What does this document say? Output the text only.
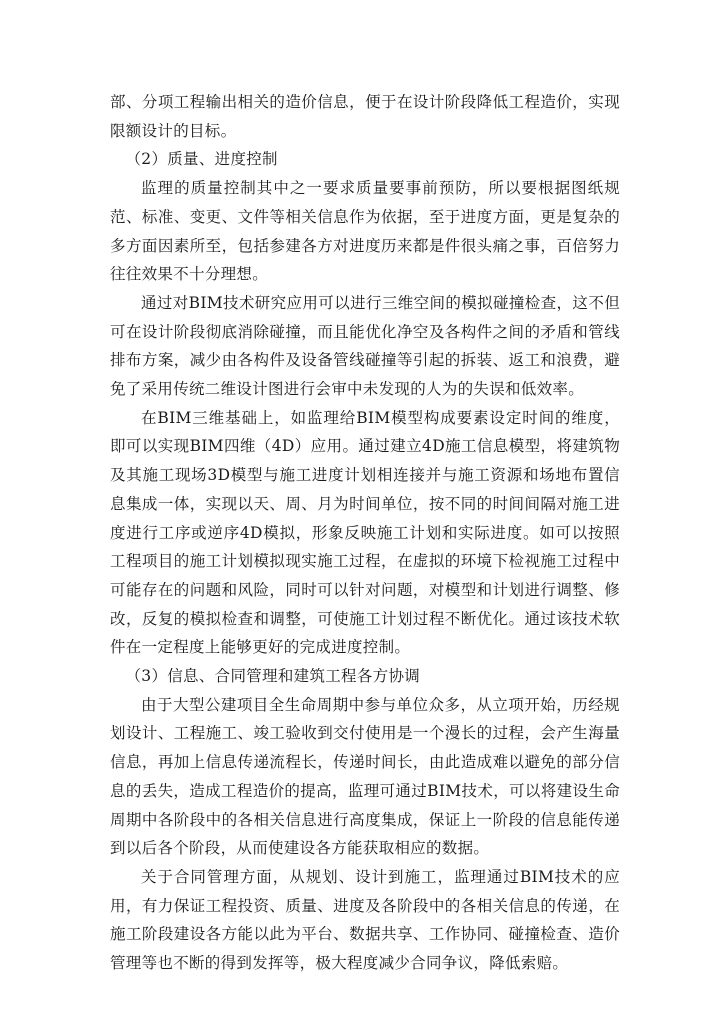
部、分项工程输出相关的造价信息，便于在设计阶段降低工程造价，实现限额设计的目标。

（2）质量、进度控制

监理的质量控制其中之一要求质量要事前预防，所以要根据图纸规范、标准、变更、文件等相关信息作为依据，至于进度方面，更是复杂的多方面因素所至，包括参建各方对进度历来都是件很头痛之事，百倍努力往往效果不十分理想。

通过对BIM技术研究应用可以进行三维空间的模拟碰撞检查，这不但可在设计阶段彻底消除碰撞，而且能优化净空及各构件之间的矛盾和管线排布方案，减少由各构件及设备管线碰撞等引起的拆装、返工和浪费，避免了采用传统二维设计图进行会审中未发现的人为的失误和低效率。

在BIM三维基础上，如监理给BIM模型构成要素设定时间的维度，即可以实现BIM四维（4D）应用。通过建立4D施工信息模型，将建筑物及其施工现场3D模型与施工进度计划相连接并与施工资源和场地布置信息集成一体，实现以天、周、月为时间单位，按不同的时间间隔对施工进度进行工序或逆序4D模拟，形象反映施工计划和实际进度。如可以按照工程项目的施工计划模拟现实施工过程，在虚拟的环境下检视施工过程中可能存在的问题和风险，同时可以针对问题，对模型和计划进行调整、修改，反复的模拟检查和调整，可使施工计划过程不断优化。通过该技术软件在一定程度上能够更好的完成进度控制。

（3）信息、合同管理和建筑工程各方协调

由于大型公建项目全生命周期中参与单位众多，从立项开始，历经规划设计、工程施工、竣工验收到交付使用是一个漫长的过程，会产生海量信息，再加上信息传递流程长，传递时间长，由此造成难以避免的部分信息的丢失，造成工程造价的提高，监理可通过BIM技术，可以将建设生命周期中各阶段中的各相关信息进行高度集成，保证上一阶段的信息能传递到以后各个阶段，从而使建设各方能获取相应的数据。

关于合同管理方面，从规划、设计到施工，监理通过BIM技术的应用，有力保证工程投资、质量、进度及各阶段中的各相关信息的传递，在施工阶段建设各方能以此为平台、数据共享、工作协同、碰撞检查、造价管理等也不断的得到发挥等，极大程度减少合同争议，降低索赔。
